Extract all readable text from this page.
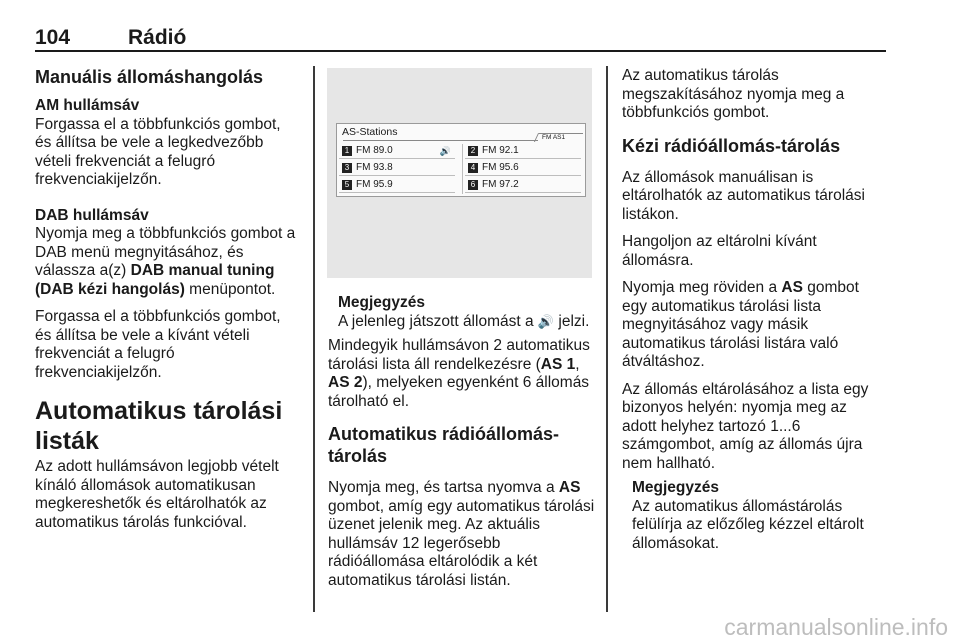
104	Rádió
Manuális állomáshangolás
AM hullámsáv

Forgassa el a többfunkciós gombot, és állítsa be vele a legkedvezőbb vételi frekvenciát a felugró frekvenciakijelzőn.

DAB hullámsáv

Nyomja meg a többfunkciós gombot a DAB menü megnyitásához, és válassza a(z) DAB manual tuning (DAB kézi hangolás) menüpontot.

Forgassa el a többfunkciós gombot, és állítsa be vele a kívánt vételi frekvenciát a felugró frekvenciakijelzőn.

Automatikus tárolási listák

Az adott hullámsávon legjobb vételt kínáló állomások automatikusan megkereshetők és eltárolhatók az automatikus tárolás funkcióval.

AS-Stations	FM AS1
1 FM 89.0	🔊	2 FM 92.1
3 FM 93.8	4 FM 95.6
5 FM 95.9	6 FM 97.2
Megjegyzés

A jelenleg játszott állomást a 🔊 jelzi.

Mindegyik hullámsávon 2 automatikus tárolási lista áll rendelkezésre (AS 1, AS 2), melyeken egyenként 6 állomás tárolható el.

Automatikus rádióállomás-tárolás

Nyomja meg, és tartsa nyomva a AS gombot, amíg egy automatikus tárolási üzenet jelenik meg. Az aktuális hullámsáv 12 legerősebb rádióállomása eltárolódik a két automatikus tárolási listán.

Az automatikus tárolás megszakításához nyomja meg a többfunkciós gombot.

Kézi rádióállomás-tárolás

Az állomások manuálisan is eltárolhatók az automatikus tárolási listákon.

Hangoljon az eltárolni kívánt állomásra.

Nyomja meg röviden a AS gombot egy automatikus tárolási lista megnyitásához vagy másik automatikus tárolási listára való átváltáshoz.

Az állomás eltárolásához a lista egy bizonyos helyén: nyomja meg az adott helyhez tartozó 1...6 számgombot, amíg az állomás újra nem hallható.

Megjegyzés

Az automatikus állomástárolás felülírja az előzőleg kézzel eltárolt állomásokat.

carmanualsonline.info
